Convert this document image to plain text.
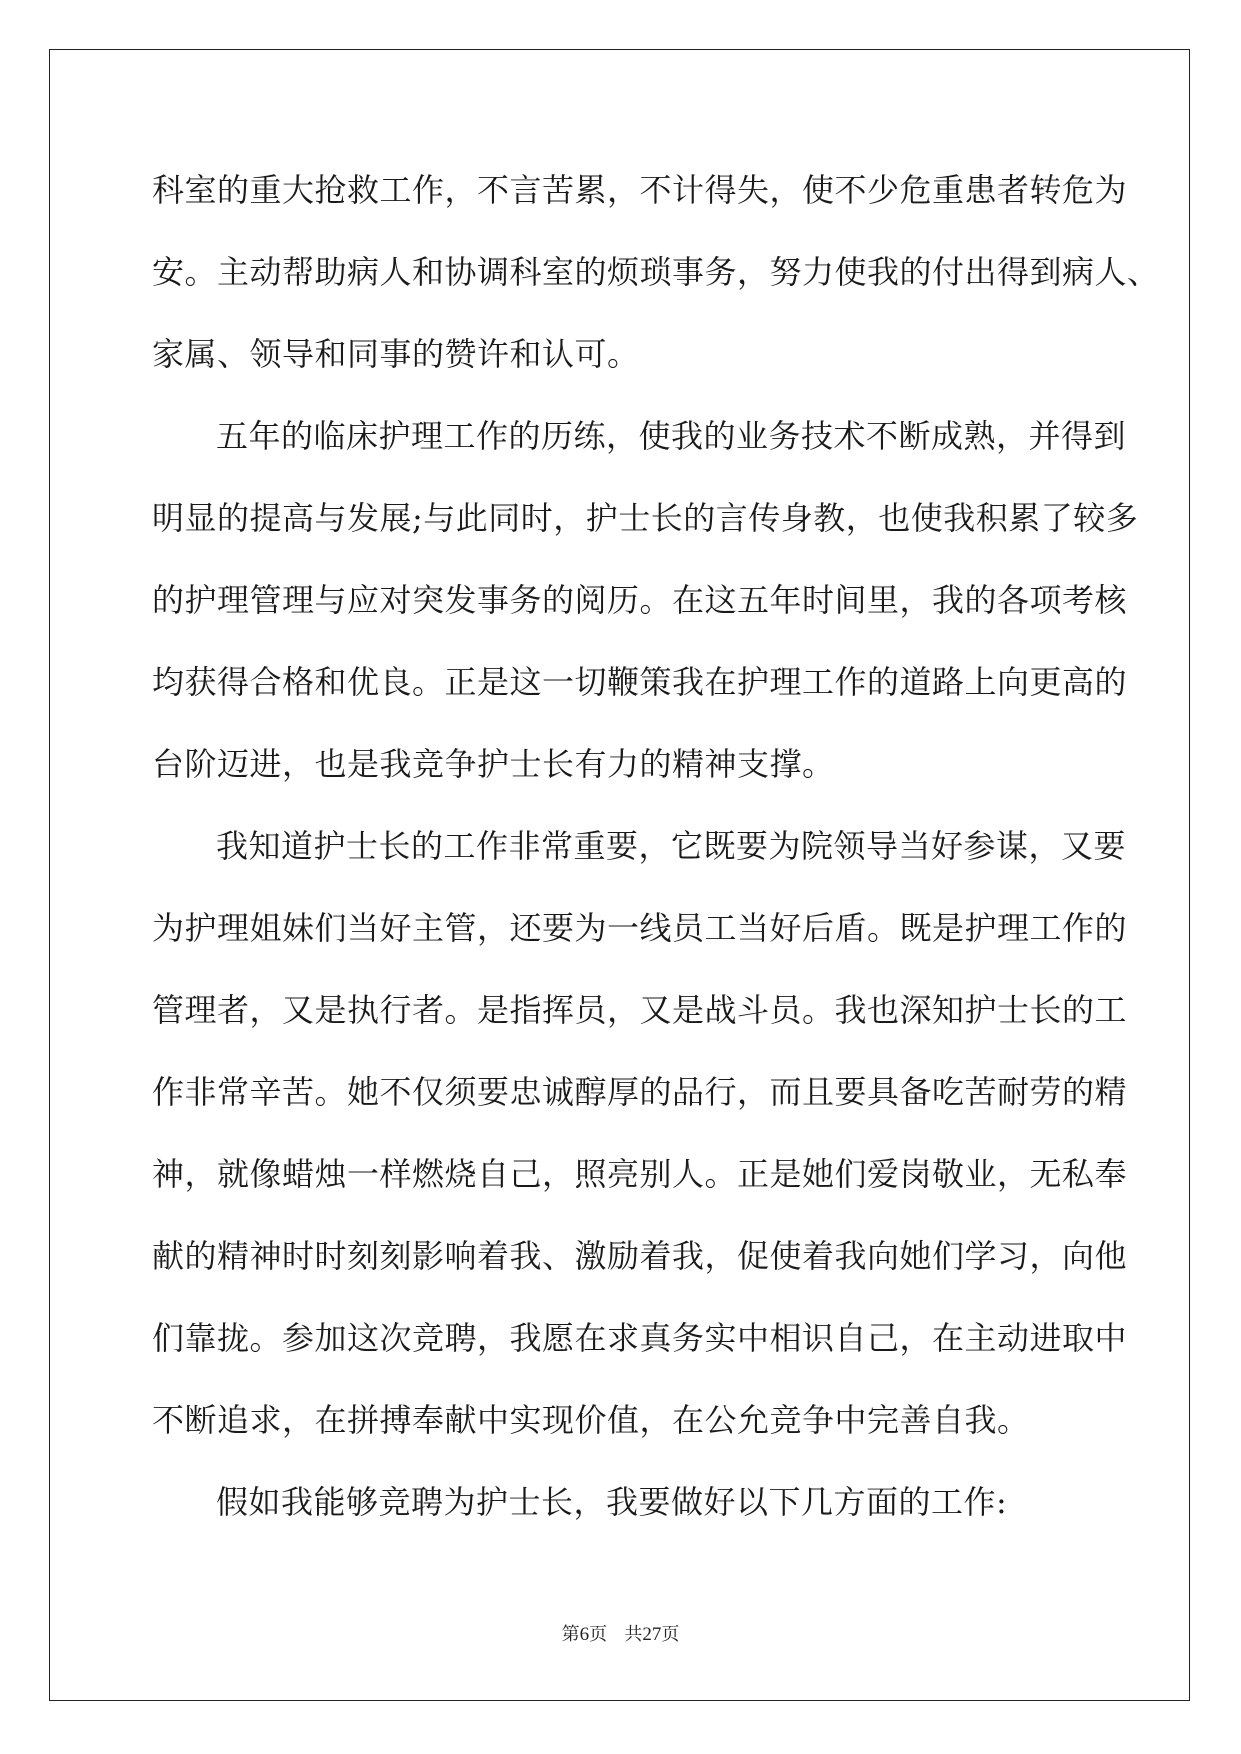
科室的重大抢救工作，不言苦累，不计得失，使不少危重患者转危为
安。主动帮助病人和协调科室的烦琐事务，努力使我的付出得到病人、
家属、领导和同事的赞许和认可。
五年的临床护理工作的历练，使我的业务技术不断成熟，并得到
明显的提高与发展;与此同时，护士长的言传身教，也使我积累了较多
的护理管理与应对突发事务的阅历。在这五年时间里，我的各项考核
均获得合格和优良。正是这一切鞭策我在护理工作的道路上向更高的
台阶迈进，也是我竞争护士长有力的精神支撑。
我知道护士长的工作非常重要，它既要为院领导当好参谋，又要
为护理姐妹们当好主管，还要为一线员工当好后盾。既是护理工作的
管理者，又是执行者。是指挥员，又是战斗员。我也深知护士长的工
作非常辛苦。她不仅须要忠诚醇厚的品行，而且要具备吃苦耐劳的精
神，就像蜡烛一样燃烧自己，照亮别人。正是她们爱岗敬业，无私奉
献的精神时时刻刻影响着我、激励着我，促使着我向她们学习，向他
们靠拢。参加这次竞聘，我愿在求真务实中相识自己，在主动进取中
不断追求，在拼搏奉献中实现价值，在公允竞争中完善自我。
假如我能够竞聘为护士长，我要做好以下几方面的工作:
第6页 共27页
